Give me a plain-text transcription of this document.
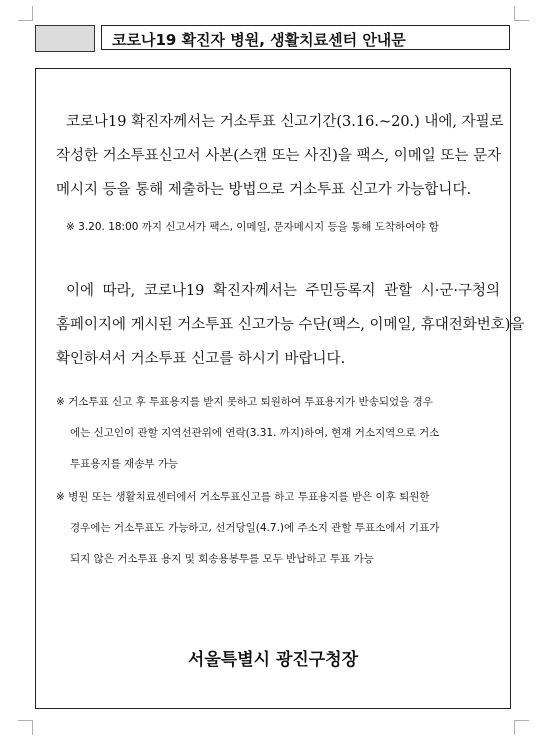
코로나19 확진자 병원, 생활치료센터 안내문
코로나19 확진자께서는 거소투표 신고기간(3.16.~20.) 내에, 자필로
작성한 거소투표신고서 사본(스캔 또는 사진)을 팩스, 이메일 또는 문자
메시지 등을 통해 제출하는 방법으로 거소투표 신고가 가능합니다.
※ 3.20. 18:00 까지 신고서가 팩스, 이메일, 문자메시지 등을 통해 도착하여야 함
이에 따라, 코로나19 확진자께서는 주민등록지 관할 시·군·구청의
홈페이지에 게시된 거소투표 신고가능 수단(팩스, 이메일, 휴대전화번호)을
확인하셔서 거소투표 신고를 하시기 바랍니다.
※ 거소투표 신고 후 투표용지를 받지 못하고 퇴원하여 투표용지가 반송되었을 경우
에는 신고인이 관할 지역선관위에 연락(3.31. 까지)하여, 현재 거소지역으로 거소
투표용지를 재송부 가능
※ 병원 또는 생활치료센터에서 거소투표신고를 하고 투표용지를 받은 이후 퇴원한
경우에는 거소투표도 가능하고, 선거당일(4.7.)에 주소지 관할 투표소에서 기표가
되지 않은 거소투표 용지 및 회송용봉투를 모두 반납하고 투표 가능
서울특별시 광진구청장
